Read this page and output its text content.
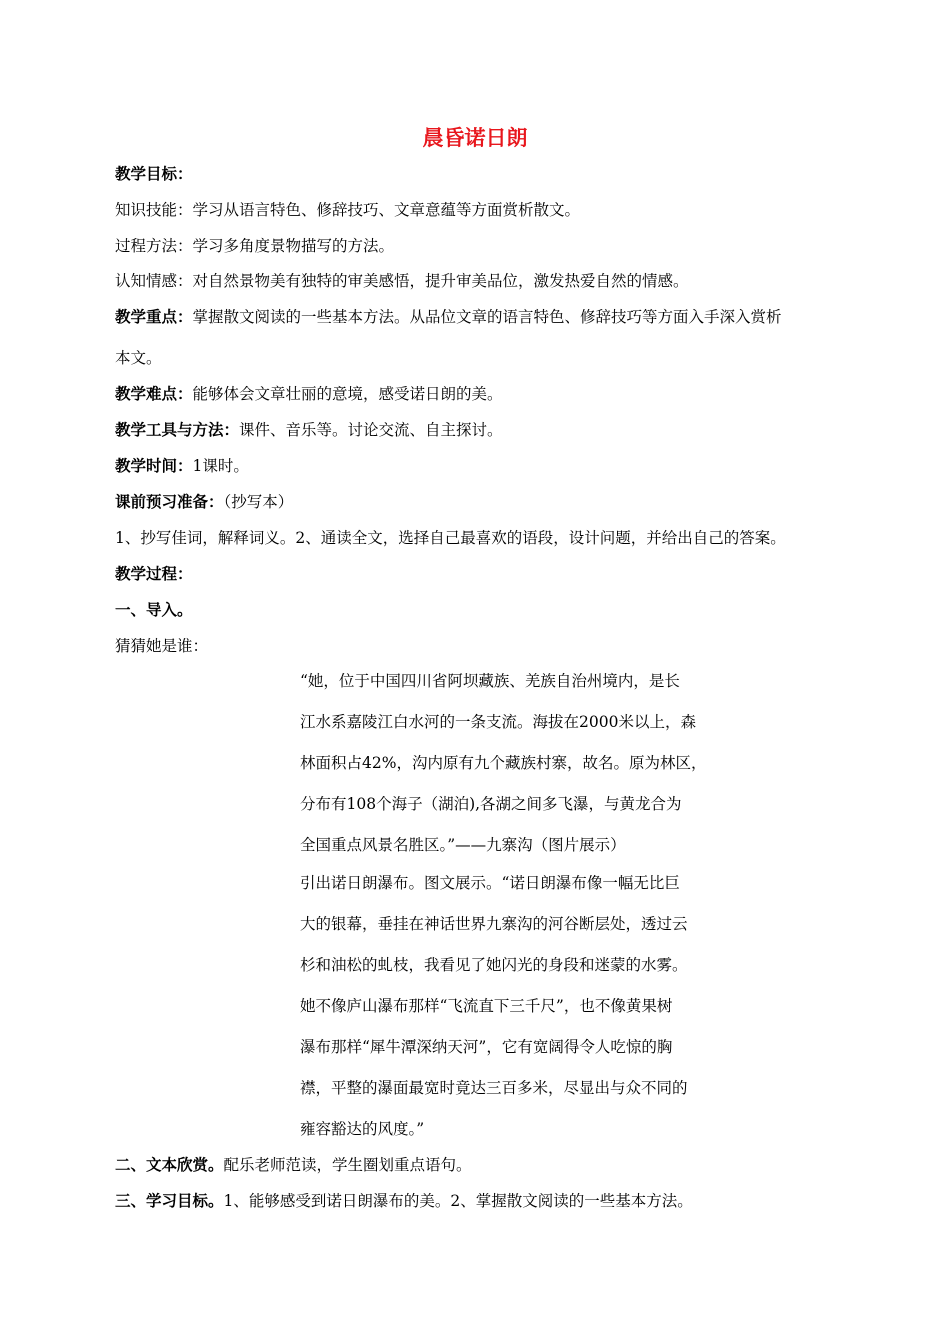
晨昏诺日朗
教学目标：
知识技能：学习从语言特色、修辞技巧、文章意蕴等方面赏析散文。
过程方法：学习多角度景物描写的方法。
认知情感：对自然景物美有独特的审美感悟，提升审美品位，激发热爱自然的情感。
教学重点：掌握散文阅读的一些基本方法。从品位文章的语言特色、修辞技巧等方面入手深入赏析
本文。
教学难点：能够体会文章壮丽的意境，感受诺日朗的美。
教学工具与方法：课件、音乐等。讨论交流、自主探讨。
教学时间：1课时。
课前预习准备：（抄写本）
1、抄写佳词，解释词义。2、通读全文，选择自己最喜欢的语段，设计问题，并给出自己的答案。
教学过程：
一、导入。
猜猜她是谁：
“她，位于中国四川省阿坝藏族、羌族自治州境内，是长
江水系嘉陵江白水河的一条支流。海拔在2000米以上，森
林面积占42%，沟内原有九个藏族村寨，故名。原为林区，
分布有108个海子（湖泊),各湖之间多飞瀑，与黄龙合为
全国重点风景名胜区。”——九寨沟（图片展示）
引出诺日朗瀑布。图文展示。“诺日朗瀑布像一幅无比巨
大的银幕，垂挂在神话世界九寨沟的河谷断层处，透过云
杉和油松的虬枝，我看见了她闪光的身段和迷蒙的水雾。
她不像庐山瀑布那样“飞流直下三千尺”，也不像黄果树
瀑布那样“犀牛潭深纳天河”，它有宽阔得令人吃惊的胸
襟，平整的瀑面最宽时竟达三百多米，尽显出与众不同的
雍容豁达的风度。”
二、文本欣赏。配乐老师范读，学生圈划重点语句。
三、学习目标。1、能够感受到诺日朗瀑布的美。2、掌握散文阅读的一些基本方法。
